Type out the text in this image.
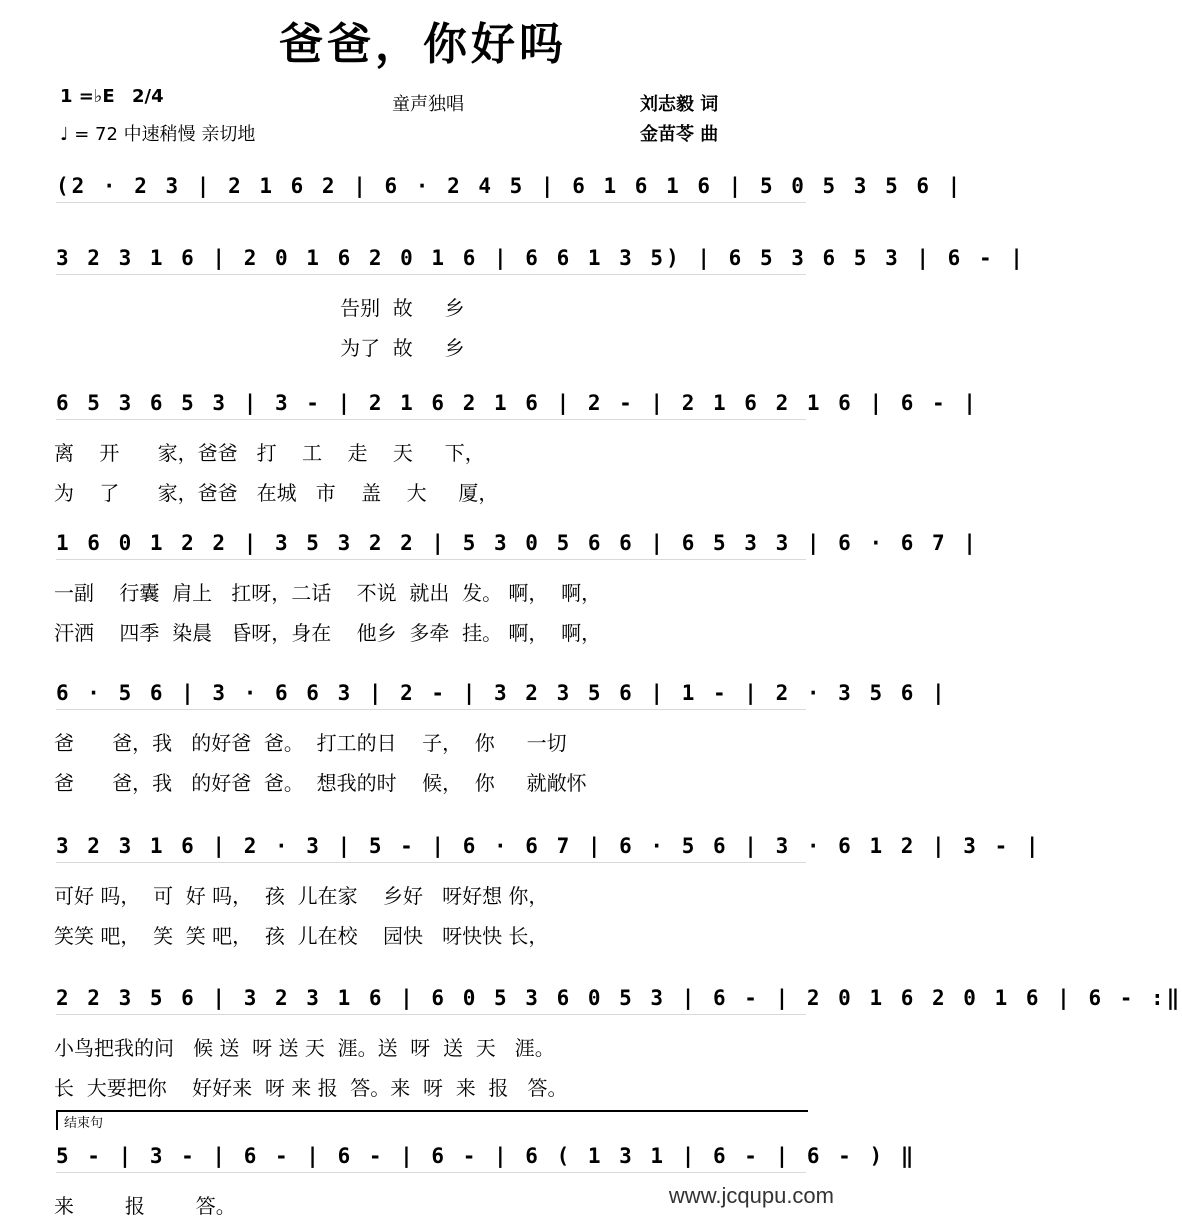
爸爸，你好吗
1 =♭E 2/4
♩ = 72 中速稍慢 亲切地
童声独唱	刘志毅 词
金苗苓 曲
(2 · 2 3 | 2 1 6 2 | 6 · 2 4 5 | 6 1 6 1 6 | 5 0 5 3 5 6 |
3 2 3 1 6 | 2 0 1 6 2 0 1 6 | 6 6 1 3 5) | 6 5 3 6 5 3 | 6 - |
告别  故     乡
为了  故     乡
6 5 3 6 5 3 | 3 - | 2 1 6 2 1 6 | 2 - | 2 1 6 2 1 6 | 6 - |
离    开      家，爸爸   打    工    走    天     下，
为    了      家，爸爸   在城   市    盖    大     厦，
1 6 0 1 2 2 | 3 5 3 2 2 | 5 3 0 5 6 6 | 6 5 3 3 | 6 · 6 7 |
一副    行囊  肩上   扛呀，二话    不说  就出  发。 啊，  啊，
汗洒    四季  染晨   昏呀，身在    他乡  多牵  挂。 啊，  啊，
6 · 5 6 | 3 · 6 6 3 | 2 - | 3 2 3 5 6 | 1 - | 2 · 3 5 6 |
爸      爸，我   的好爸  爸。  打工的日    子，  你     一切
爸      爸，我   的好爸  爸。  想我的时    候，  你     就敞怀
3 2 3 1 6 | 2 · 3 | 5 - | 6 · 6 7 | 6 · 5 6 | 3 · 6 1 2 | 3 - |
可好 吗，  可  好 吗，  孩  儿在家    乡好   呀好想 你，
笑笑 吧，  笑  笑 吧，  孩  儿在校    园快   呀快快 长，
2 2 3 5 6 | 3 2 3 1 6 | 6 0 5 3 6 0 5 3 | 6 - | 2 0 1 6 2 0 1 6 | 6 - :‖
小鸟把我的问   候 送  呀 送 天  涯。送  呀  送  天   涯。
长  大要把你    好好来  呀 来 报  答。来  呀  来  报   答。
5 - | 3 - | 6 - | 6 - | 6 - | 6 ( 1 3 1 | 6 - | 6 - ) ‖
来        报        答。
结束句
www.jcqupu.com
